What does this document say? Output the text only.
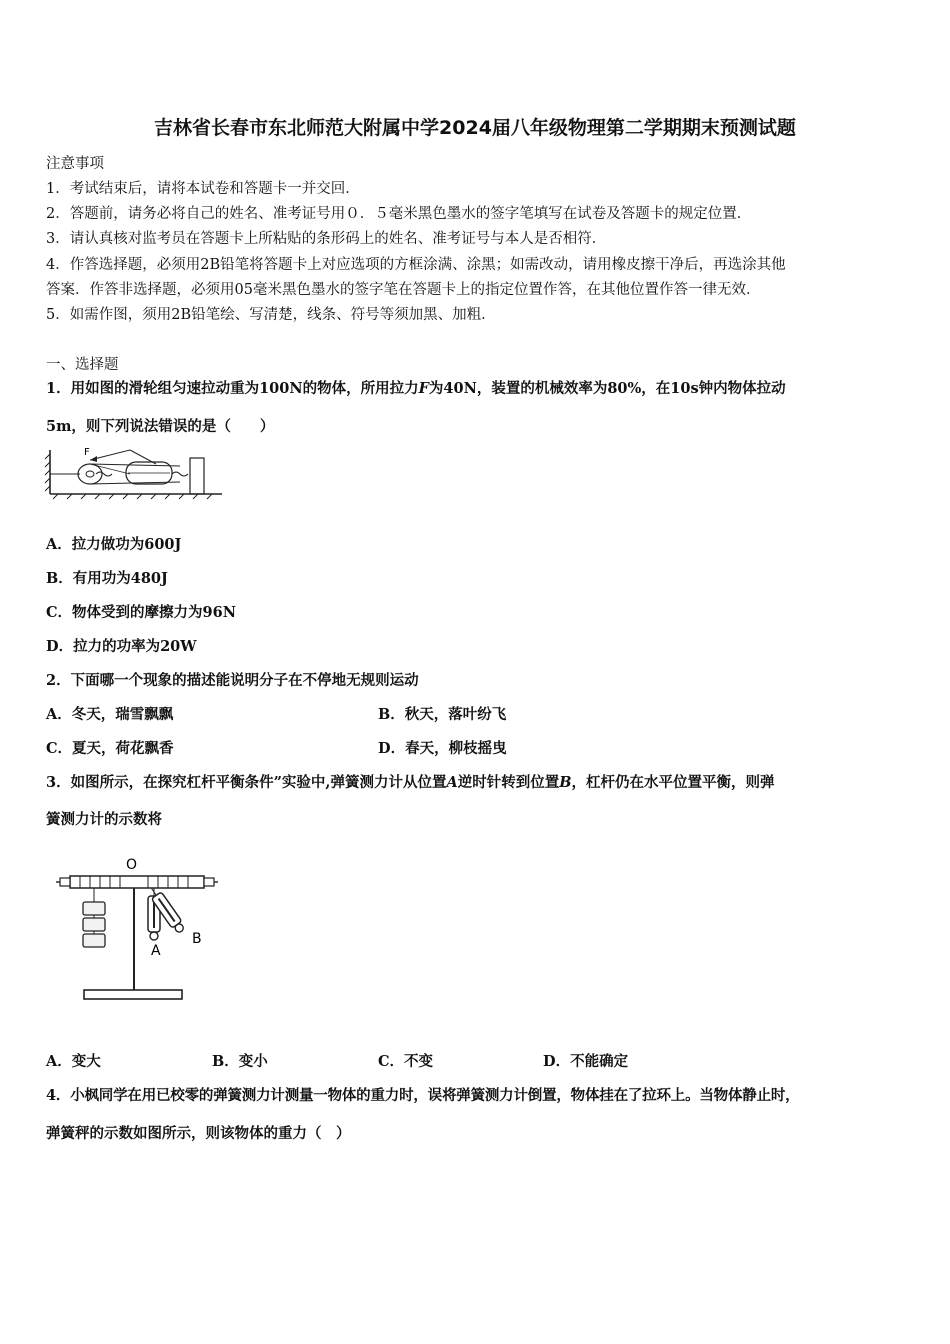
吉林省长春市东北师范大附属中学2024届八年级物理第二学期期末预测试题
注意事项
1．考试结束后，请将本试卷和答题卡一并交回．
2．答题前，请务必将自己的姓名、准考证号用０．５毫米黑色墨水的签字笔填写在试卷及答题卡的规定位置．
3．请认真核对监考员在答题卡上所粘贴的条形码上的姓名、准考证号与本人是否相符．
4．作答选择题，必须用2B铅笔将答题卡上对应选项的方框涂满、涂黑；如需改动，请用橡皮擦干净后，再选涂其他
答案．作答非选择题，必须用05毫米黑色墨水的签字笔在答题卡上的指定位置作答，在其他位置作答一律无效．
5．如需作图，须用2B铅笔绘、写清楚，线条、符号等须加黑、加粗．
一、选择题
1．用如图的滑轮组匀速拉动重为100N的物体，所用拉力F为40N，装置的机械效率为80%，在10s钟内物体拉动
5m，则下列说法错误的是（　　）
F
A．拉力做功为600J
B．有用功为480J
C．物体受到的摩擦力为96N
D．拉力的功率为20W
2．下面哪一个现象的描述能说明分子在不停地无规则运动
A．冬天，瑞雪飘飘	B．秋天，落叶纷飞
C．夏天，荷花飘香	D．春天，柳枝摇曳
3．如图所示，在探究杠杆平衡条件”实验中,弹簧测力计从位置A逆时针转到位置B，杠杆仍在水平位置平衡，则弹
簧测力计的示数将
O
A
B
A．变大	B．变小	C．不变	D．不能确定
4．小枫同学在用已校零的弹簧测力计测量一物体的重力时，误将弹簧测力计倒置，物体挂在了拉环上。当物体静止时，
弹簧秤的示数如图所示，则该物体的重力（　）
